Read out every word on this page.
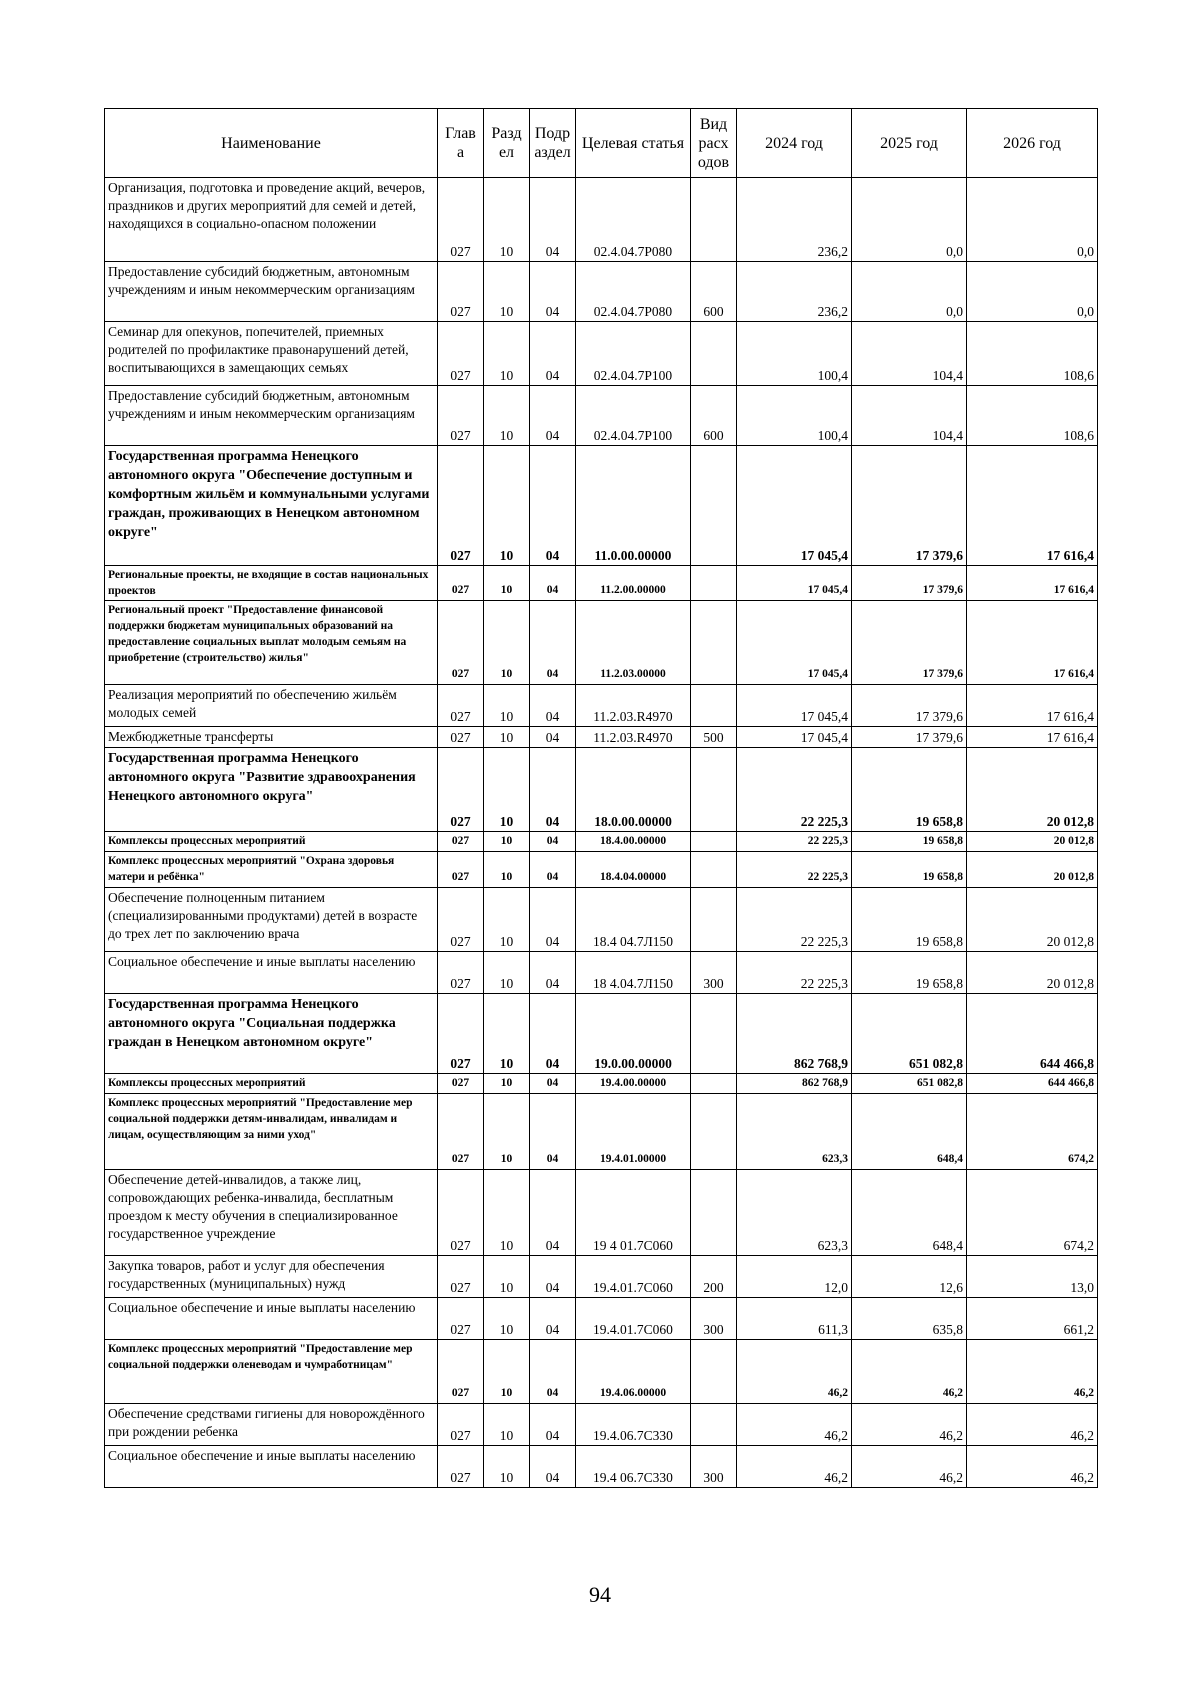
Наименование	Глав а	Разд ел	Подр аздел	Целевая статья	Вид расх одов	2024 год	2025 год	2026 год
Организация, подготовка и проведение акций, вечеров, праздников и других мероприятий для семей и детей, находящихся в социально-опасном положении	027	10	04	02.4.04.7Р080		236,2	0,0	0,0
Предоставление субсидий бюджетным, автономным учреждениям и иным некоммерческим организациям	027	10	04	02.4.04.7Р080	600	236,2	0,0	0,0
Семинар для опекунов, попечителей, приемных родителей по профилактике правонарушений детей, воспитывающихся в замещающих семьях	027	10	04	02.4.04.7Р100		100,4	104,4	108,6
Предоставление субсидий бюджетным, автономным учреждениям и иным некоммерческим организациям	027	10	04	02.4.04.7Р100	600	100,4	104,4	108,6
Государственная программа Ненецкого автономного округа "Обеспечение доступным и комфортным жильём и коммунальными услугами граждан, проживающих в Ненецком автономном округе"	027	10	04	11.0.00.00000		17 045,4	17 379,6	17 616,4
Региональные проекты, не входящие в состав национальных проектов	027	10	04	11.2.00.00000		17 045,4	17 379,6	17 616,4
Региональный проект "Предоставление финансовой поддержки бюджетам муниципальных образований на предоставление социальных выплат молодым семьям на приобретение (строительство) жилья"	027	10	04	11.2.03.00000		17 045,4	17 379,6	17 616,4
Реализация мероприятий по обеспечению жильём молодых семей	027	10	04	11.2.03.R4970		17 045,4	17 379,6	17 616,4
Межбюджетные трансферты	027	10	04	11.2.03.R4970	500	17 045,4	17 379,6	17 616,4
Государственная программа Ненецкого автономного округа "Развитие здравоохранения Ненецкого автономного округа"	027	10	04	18.0.00.00000		22 225,3	19 658,8	20 012,8
Комплексы процессных мероприятий	027	10	04	18.4.00.00000		22 225,3	19 658,8	20 012,8
Комплекс процессных мероприятий "Охрана здоровья матери и ребёнка"	027	10	04	18.4.04.00000		22 225,3	19 658,8	20 012,8
Обеспечение полноценным питанием (специализированными продуктами) детей в возрасте до трех лет по заключению врача	027	10	04	18.4 04.7Л150		22 225,3	19 658,8	20 012,8
Социальное обеспечение и иные выплаты населению	027	10	04	18 4.04.7Л150	300	22 225,3	19 658,8	20 012,8
Государственная программа Ненецкого автономного округа "Социальная поддержка граждан в Ненецком автономном округе"	027	10	04	19.0.00.00000		862 768,9	651 082,8	644 466,8
Комплексы процессных мероприятий	027	10	04	19.4.00.00000		862 768,9	651 082,8	644 466,8
Комплекс процессных мероприятий "Предоставление мер социальной поддержки детям-инвалидам, инвалидам и лицам, осуществляющим за ними уход"	027	10	04	19.4.01.00000		623,3	648,4	674,2
Обеспечение детей-инвалидов, а также лиц, сопровождающих ребенка-инвалида, бесплатным проездом к месту обучения в специализированное государственное учреждение	027	10	04	19 4 01.7С060		623,3	648,4	674,2
Закупка товаров, работ и услуг для обеспечения государственных (муниципальных) нужд	027	10	04	19.4.01.7С060	200	12,0	12,6	13,0
Социальное обеспечение и иные выплаты населению	027	10	04	19.4.01.7С060	300	611,3	635,8	661,2
Комплекс процессных мероприятий "Предоставление мер социальной поддержки оленеводам и чумработницам"	027	10	04	19.4.06.00000		46,2	46,2	46,2
Обеспечение средствами гигиены для новорождённого при рождении ребенка	027	10	04	19.4.06.7С330		46,2	46,2	46,2
Социальное обеспечение и иные выплаты населению	027	10	04	19.4 06.7С330	300	46,2	46,2	46,2
94
